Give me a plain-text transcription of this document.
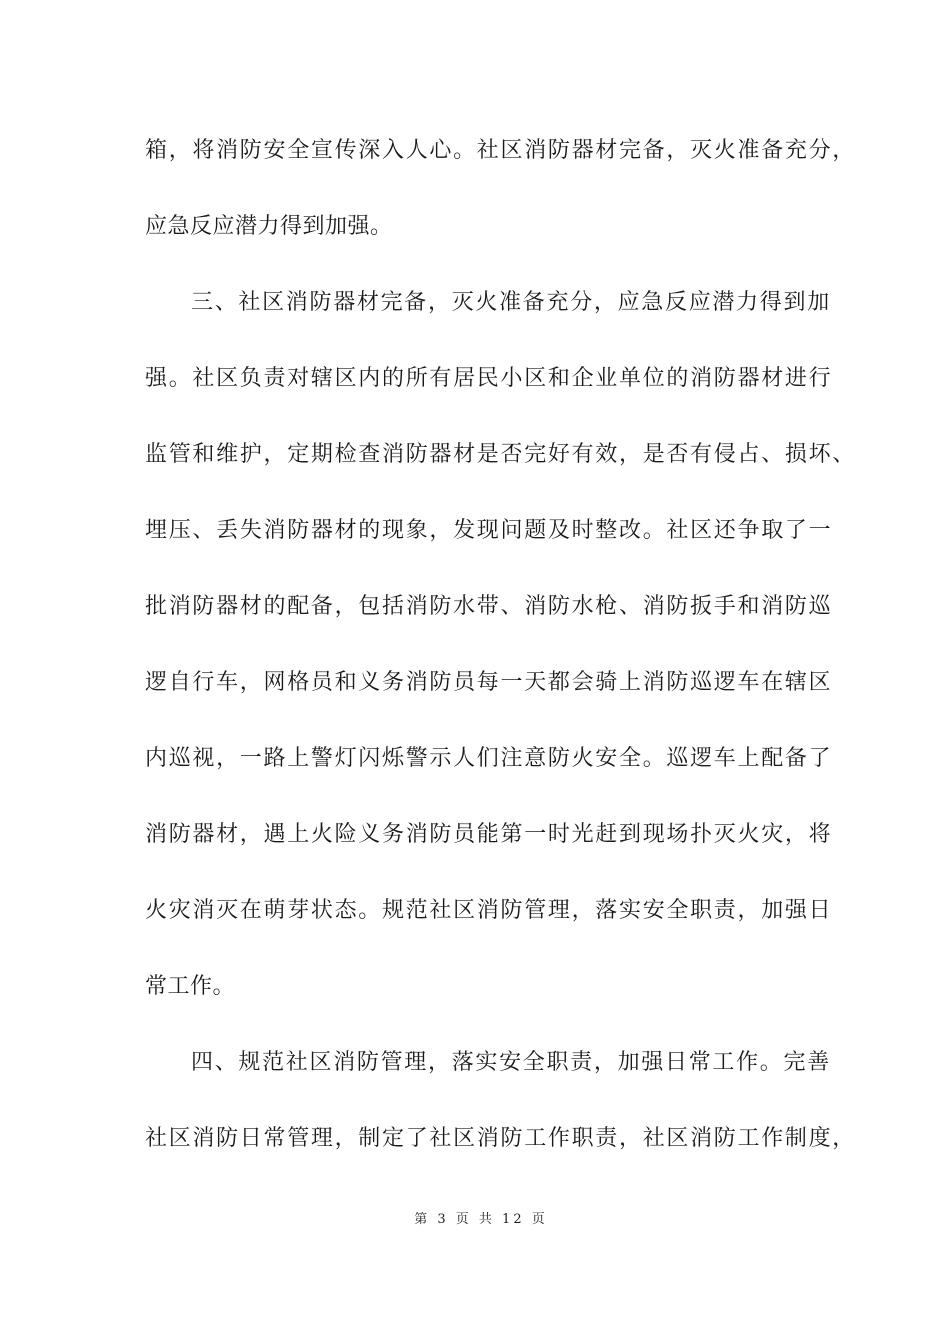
箱，将消防安全宣传深入人心。社区消防器材完备，灭火准备充分，
应急反应潜力得到加强。
三、社区消防器材完备，灭火准备充分，应急反应潜力得到加
强。社区负责对辖区内的所有居民小区和企业单位的消防器材进行
监管和维护，定期检查消防器材是否完好有效，是否有侵占、损坏、
埋压、丢失消防器材的现象，发现问题及时整改。社区还争取了一
批消防器材的配备，包括消防水带、消防水枪、消防扳手和消防巡
逻自行车，网格员和义务消防员每一天都会骑上消防巡逻车在辖区
内巡视，一路上警灯闪烁警示人们注意防火安全。巡逻车上配备了
消防器材，遇上火险义务消防员能第一时光赶到现场扑灭火灾，将
火灾消灭在萌芽状态。规范社区消防管理，落实安全职责，加强日
常工作。
四、规范社区消防管理，落实安全职责，加强日常工作。完善
社区消防日常管理，制定了社区消防工作职责，社区消防工作制度，
第 3 页 共 12 页
